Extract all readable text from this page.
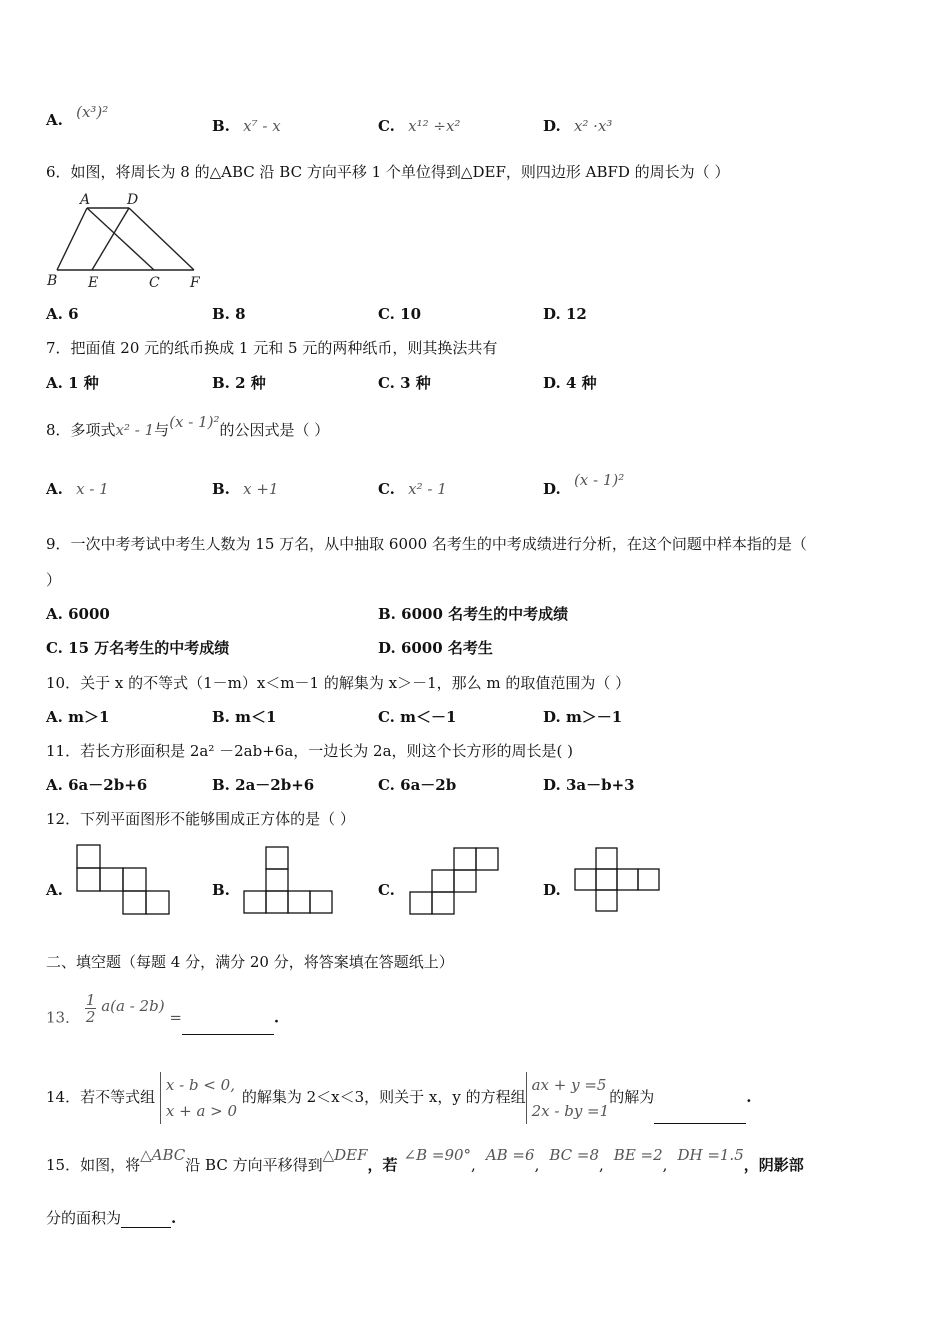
A. (x³)²
B. x⁷ - x	C. x¹² ÷x²	D. x² ·x³
6．如图，将周长为 8 的△ABC 沿 BC 方向平移 1 个单位得到△DEF，则四边形 ABFD 的周长为（ ）
A	D
B E	C F
A. 6	B. 8	C. 10	D. 12
7．把面值 20 元的纸币换成 1 元和 5 元的两种纸币，则其换法共有
A. 1 种	B. 2 种	C. 3 种	D. 4 种
8．多项式x² - 1与(x - 1)²的公因式是（ ）
A. x - 1	B. x +1	C. x² - 1	D. (x - 1)²
9．一次中考考试中考生人数为 15 万名，从中抽取 6000 名考生的中考成绩进行分析，在这个问题中样本指的是（
）
A. 6000	B. 6000 名考生的中考成绩
C. 15 万名考生的中考成绩	D. 6000 名考生
10．关于 x 的不等式（1－m）x＜m－1 的解集为 x＞－1，那么 m 的取值范围为（ ）
A. m＞1	B. m＜1	C. m＜－1	D. m＞－1
11．若长方形面积是 2a² －2ab+6a，一边长为 2a，则这个长方形的周长是( )
A. 6a－2b+6	B. 2a－2b+6	C. 6a－2b	D. 3a－b+3
12．下列平面图形不能够围成正方体的是（ ）
A.	B.	C.	D.
二、填空题（每题 4 分，满分 20 分，将答案填在答题纸上）
13． $\frac{1}{2} a(a - 2b)$ =	.
14．若不等式组
x - b < 0,
x + a > 0
的解集为 2＜x＜3，则关于 x，y 的方程组
ax + y =5
2x - by =1
的解为	.
15．如图，将△ABC沿 BC 方向平移得到△DEF，若∠B =90°,AB =6,BC =8,BE =2,DH =1.5，阴影部
分的面积为	.
